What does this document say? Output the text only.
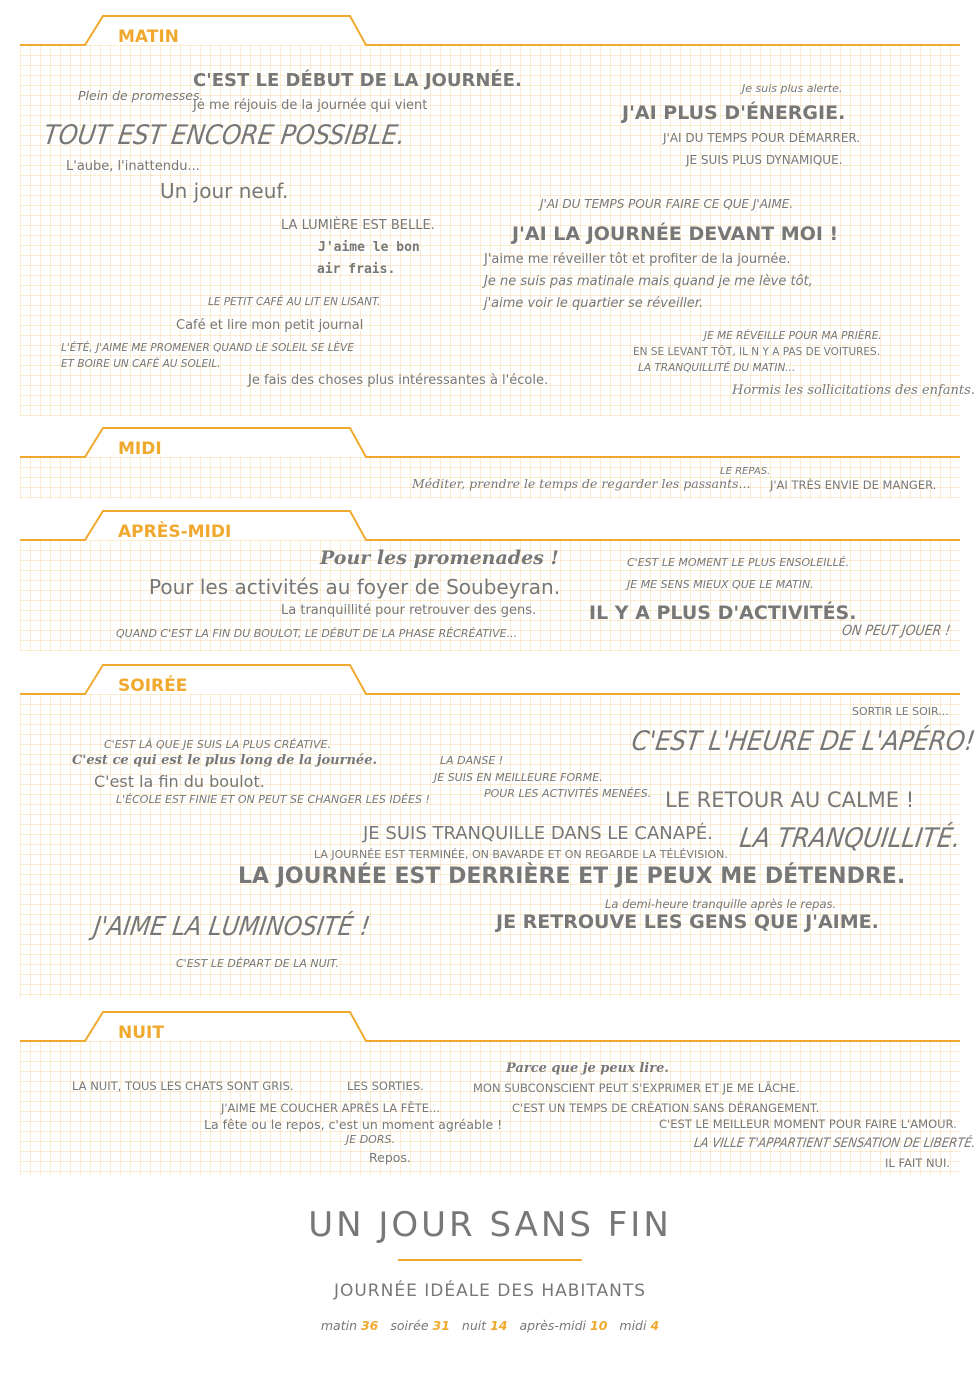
MATIN
Plein de promesses.
C'EST LE DÉBUT DE LA JOURNÉE.
Je me réjouis de la journée qui vient
TOUT EST ENCORE POSSIBLE.
L'aube, l'inattendu...
Un jour neuf.
LA LUMIÈRE EST BELLE.
J'aime le bon
air frais.
LE PETIT CAFÉ AU LIT EN LISANT.
Café et lire mon petit journal
L'ÉTÉ, J'AIME ME PROMENER QUAND LE SOLEIL SE LÈVE
ET BOIRE UN CAFÉ AU SOLEIL.
Je fais des choses plus intéressantes à l'école.
Je suis plus alerte.
J'AI PLUS D'ÉNERGIE.
J'AI DU TEMPS POUR DÉMARRER.
JE SUIS PLUS DYNAMIQUE.
J'AI DU TEMPS POUR FAIRE CE QUE J'AIME.
J'AI LA JOURNÉE DEVANT MOI !
J'aime me réveiller tôt et profiter de la journée.
Je ne suis pas matinale mais quand je me lève tôt,
j'aime voir le quartier se réveiller.
JE ME RÉVEILLE POUR MA PRIÈRE.
EN SE LEVANT TÔT, IL N Y A PAS DE VOITURES.
LA TRANQUILLITÉ DU MATIN...
Hormis les sollicitations des enfants.
MIDI
Méditer, prendre le temps de regarder les passants...
LE REPAS.
J'AI TRÈS ENVIE DE MANGER.
APRÈS-MIDI
Pour les promenades !
Pour les activités au foyer de Soubeyran.
La tranquillité pour retrouver des gens.
QUAND C'EST LA FIN DU BOULOT, LE DÉBUT DE LA PHASE RÉCRÉATIVE...
C'EST LE MOMENT LE PLUS ENSOLEILLÉ.
JE ME SENS MIEUX QUE LE MATIN.
IL Y A PLUS D'ACTIVITÉS.
ON PEUT JOUER !
SOIRÉE
SORTIR LE SOIR...
C'EST L'HEURE DE L'APÉRO!
C'EST LÀ QUE JE SUIS LA PLUS CRÉATIVE.
C'est ce qui est le plus long de la journée.
C'est la fin du boulot.
L'ÉCOLE EST FINIE ET ON PEUT SE CHANGER LES IDÉES !
LA DANSE !
JE SUIS EN MEILLEURE FORME.
POUR LES ACTIVITÉS MENÉES. LE RETOUR AU CALME !
JE SUIS TRANQUILLE DANS LE CANAPÉ. LA TRANQUILLITÉ.
LA JOURNÉE EST TERMINÉE, ON BAVARDE ET ON REGARDE LA TÉLÉVISION.
LA JOURNÉE EST DERRIÈRE ET JE PEUX ME DÉTENDRE.
La demi-heure tranquille après le repas.
J'AIME LA LUMINOSITÉ !	JE RETROUVE LES GENS QUE J'AIME.
C'EST LE DÉPART DE LA NUIT.
NUIT
Parce que je peux lire.
LA NUIT, TOUS LES CHATS SONT GRIS.	LES SORTIES.	MON SUBCONSCIENT PEUT S'EXPRIMER ET JE ME LÂCHE.
J'AIME ME COUCHER APRÈS LA FÊTE...	C'EST UN TEMPS DE CRÉATION SANS DÉRANGEMENT.
La fête ou le repos, c'est un moment agréable !	C'EST LE MEILLEUR MOMENT POUR FAIRE L'AMOUR.
JE DORS.	LA VILLE T'APPARTIENT SENSATION DE LIBERTÉ.
Repos.	IL FAIT NUI.
UN JOUR SANS FIN
JOURNÉE IDÉALE DES HABITANTS
matin 36 soirée 31 nuit 14 après-midi 10 midi 4
